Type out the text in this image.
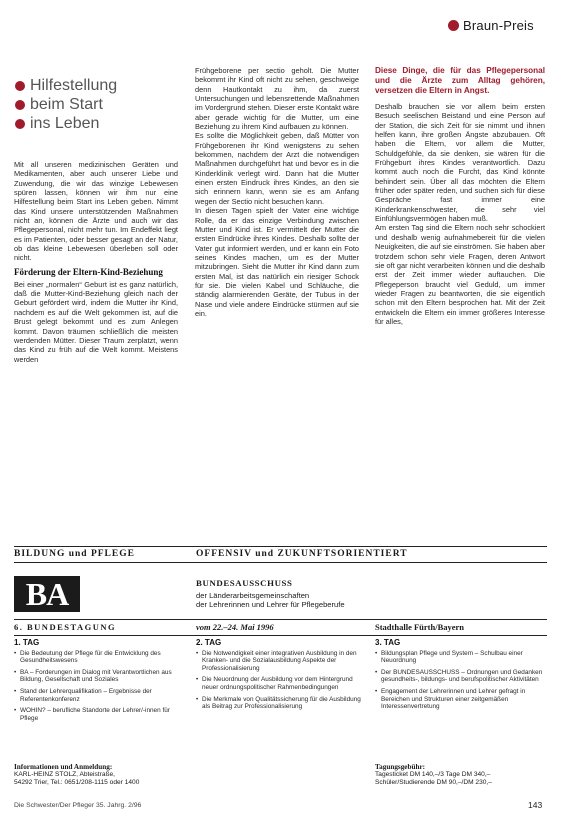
Braun-Preis
Hilfestellung
beim Start
ins Leben

Mit all unseren medizinischen Geräten und Medikamenten, aber auch unserer Liebe und Zuwendung, die wir das winzige Lebewesen spüren lassen, können wir ihm nur eine Hilfestellung beim Start ins Leben geben. Nimmt das Kind unsere unterstützenden Maßnahmen nicht an, können die Ärzte und auch wir das Pflegepersonal, nicht mehr tun. Im Endeffekt liegt es im Patienten, oder besser gesagt an der Natur, ob das kleine Lebewesen überleben soll oder nicht.

Förderung der Eltern-Kind-Beziehung

Bei einer „normalen“ Geburt ist es ganz natürlich, daß die Mutter-Kind-Beziehung gleich nach der Geburt gefördert wird, indem die Mutter ihr Kind, nachdem es auf die Welt gekommen ist, auf die Brust gelegt bekommt und es zum Anlegen kommt. Davon träumen schließlich die meisten werdenden Mütter. Dieser Traum zerplatzt, wenn das Kind zu früh auf die Welt kommt. Meistens werden

Frühgeborene per sectio geholt. Die Mutter bekommt ihr Kind oft nicht zu sehen, geschweige denn Hautkontakt zu ihm, da zuerst Untersuchungen und lebensrettende Maßnahmen im Vordergrund stehen. Dieser erste Kontakt wäre aber gerade wichtig für die Mutter, um eine Beziehung zu ihrem Kind aufbauen zu können.

Es sollte die Möglichkeit geben, daß Mütter von Frühgeborenen ihr Kind wenigstens zu sehen bekommen, nachdem der Arzt die notwendigen Maßnahmen durchgeführt hat und bevor es in die Kinderklinik verlegt wird. Dann hat die Mutter einen ersten Eindruck ihres Kindes, an den sie sich erinnern kann, wenn sie es am Anfang wegen der Sectio nicht besuchen kann.

In diesen Tagen spielt der Vater eine wichtige Rolle, da er das einzige Verbindung zwischen Mutter und Kind ist. Er vermittelt der Mutter die ersten Eindrücke ihres Kindes. Deshalb sollte der Vater gut informiert werden, und er kann ein Foto seines Kindes machen, um es der Mutter mitzubringen. Sieht die Mutter ihr Kind dann zum ersten Mal, ist das natürlich ein riesiger Schock für sie. Die vielen Kabel und Schläuche, die ständig alarmierenden Geräte, der Tubus in der Nase und viele andere Eindrücke stürmen auf sie ein.

Diese Dinge, die für das Pflegepersonal und die Ärzte zum Alltag gehören, versetzen die Eltern in Angst.

Deshalb brauchen sie vor allem beim ersten Besuch seelischen Beistand und eine Person auf der Station, die sich Zeit für sie nimmt und ihnen helfen kann, ihre großen Ängste abzubauen. Oft haben die Eltern, vor allem die Mutter, Schuldgefühle, da sie denken, sie wären für die Frühgeburt ihres Kindes verantwortlich. Dazu kommt auch noch die Furcht, das Kind könnte behindert sein. Über all das möchten die Eltern früher oder später reden, und suchen sich für diese Gespräche fast immer eine Kinderkrankenschwester, die sehr viel Einfühlungsvermögen haben muß.

Am ersten Tag sind die Eltern noch sehr schockiert und deshalb wenig aufnahmebereit für die vielen Neuigkeiten, die auf sie einströmen. Sie haben aber trotzdem schon sehr viele Fragen, deren Antwort sie oft gar nicht verarbeiten können und die deshalb erst der Zeit immer wieder auftauchen. Die Pflegeperson braucht viel Geduld, um immer wieder Fragen zu beantworten, die sie eigentlich schon mit den Eltern besprochen hat. Mit der Zeit entwickeln die Eltern ein immer größeres Interesse für alles,

BILDUNG und PFLEGE	OFFENSIV und ZUKUNFTSORIENTIERT
BA	BUNDESAUSSCHUSS
der Länderarbeitsgemeinschaften
der Lehrerinnen und Lehrer für Pflegeberufe
6. BUNDESTAGUNG	vom 22.–24. Mai 1996	Stadthalle Fürth/Bayern
1. TAG
• Die Bedeutung der Pflege für die Entwicklung des Gesundheitswesens
• BA – Forderungen im Dialog mit Verantwortlichen aus Bildung, Gesellschaft und Soziales
• Stand der Lehrerqualifikation – Ergebnisse der Referentenkonferenz
• WOHIN? – berufliche Standorte der Lehrer/-innen für Pflege
2. TAG
• Die Notwendigkeit einer integrativen Ausbildung in den Kranken- und die Sozialausbildung Aspekte der Professionalisierung
• Die Neuordnung der Ausbildung vor dem Hintergrund neuer ordnungspolitischer Rahmenbedingungen
• Die Merkmale von Qualitätssicherung für die Ausbildung als Beitrag zur Professionalisierung
3. TAG
• Bildungsplan Pflege und System – Schulbau einer Neuordnung
• Der BUNDESAUSSCHUSS – Ordnungen und Gedanken gesundheits-, bildungs- und berufspolitischer Aktivitäten
• Engagement der Lehrerinnen und Lehrer gefragt in Bereichen und Strukturen einer zeitgemäßen Interessenvertretung
Informationen und Anmeldung:
KARL-HEINZ STOLZ, Abteistraße,
54292 Trier, Tel.: 0651/208-1115 oder 1400
Tagungsgebühr:
Tagesticket DM 140,–/3 Tage DM 340,–
Schüler/Studierende DM 90,–/DM 230,–
Die Schwester/Der Pfleger 35. Jahrg. 2/96	143
